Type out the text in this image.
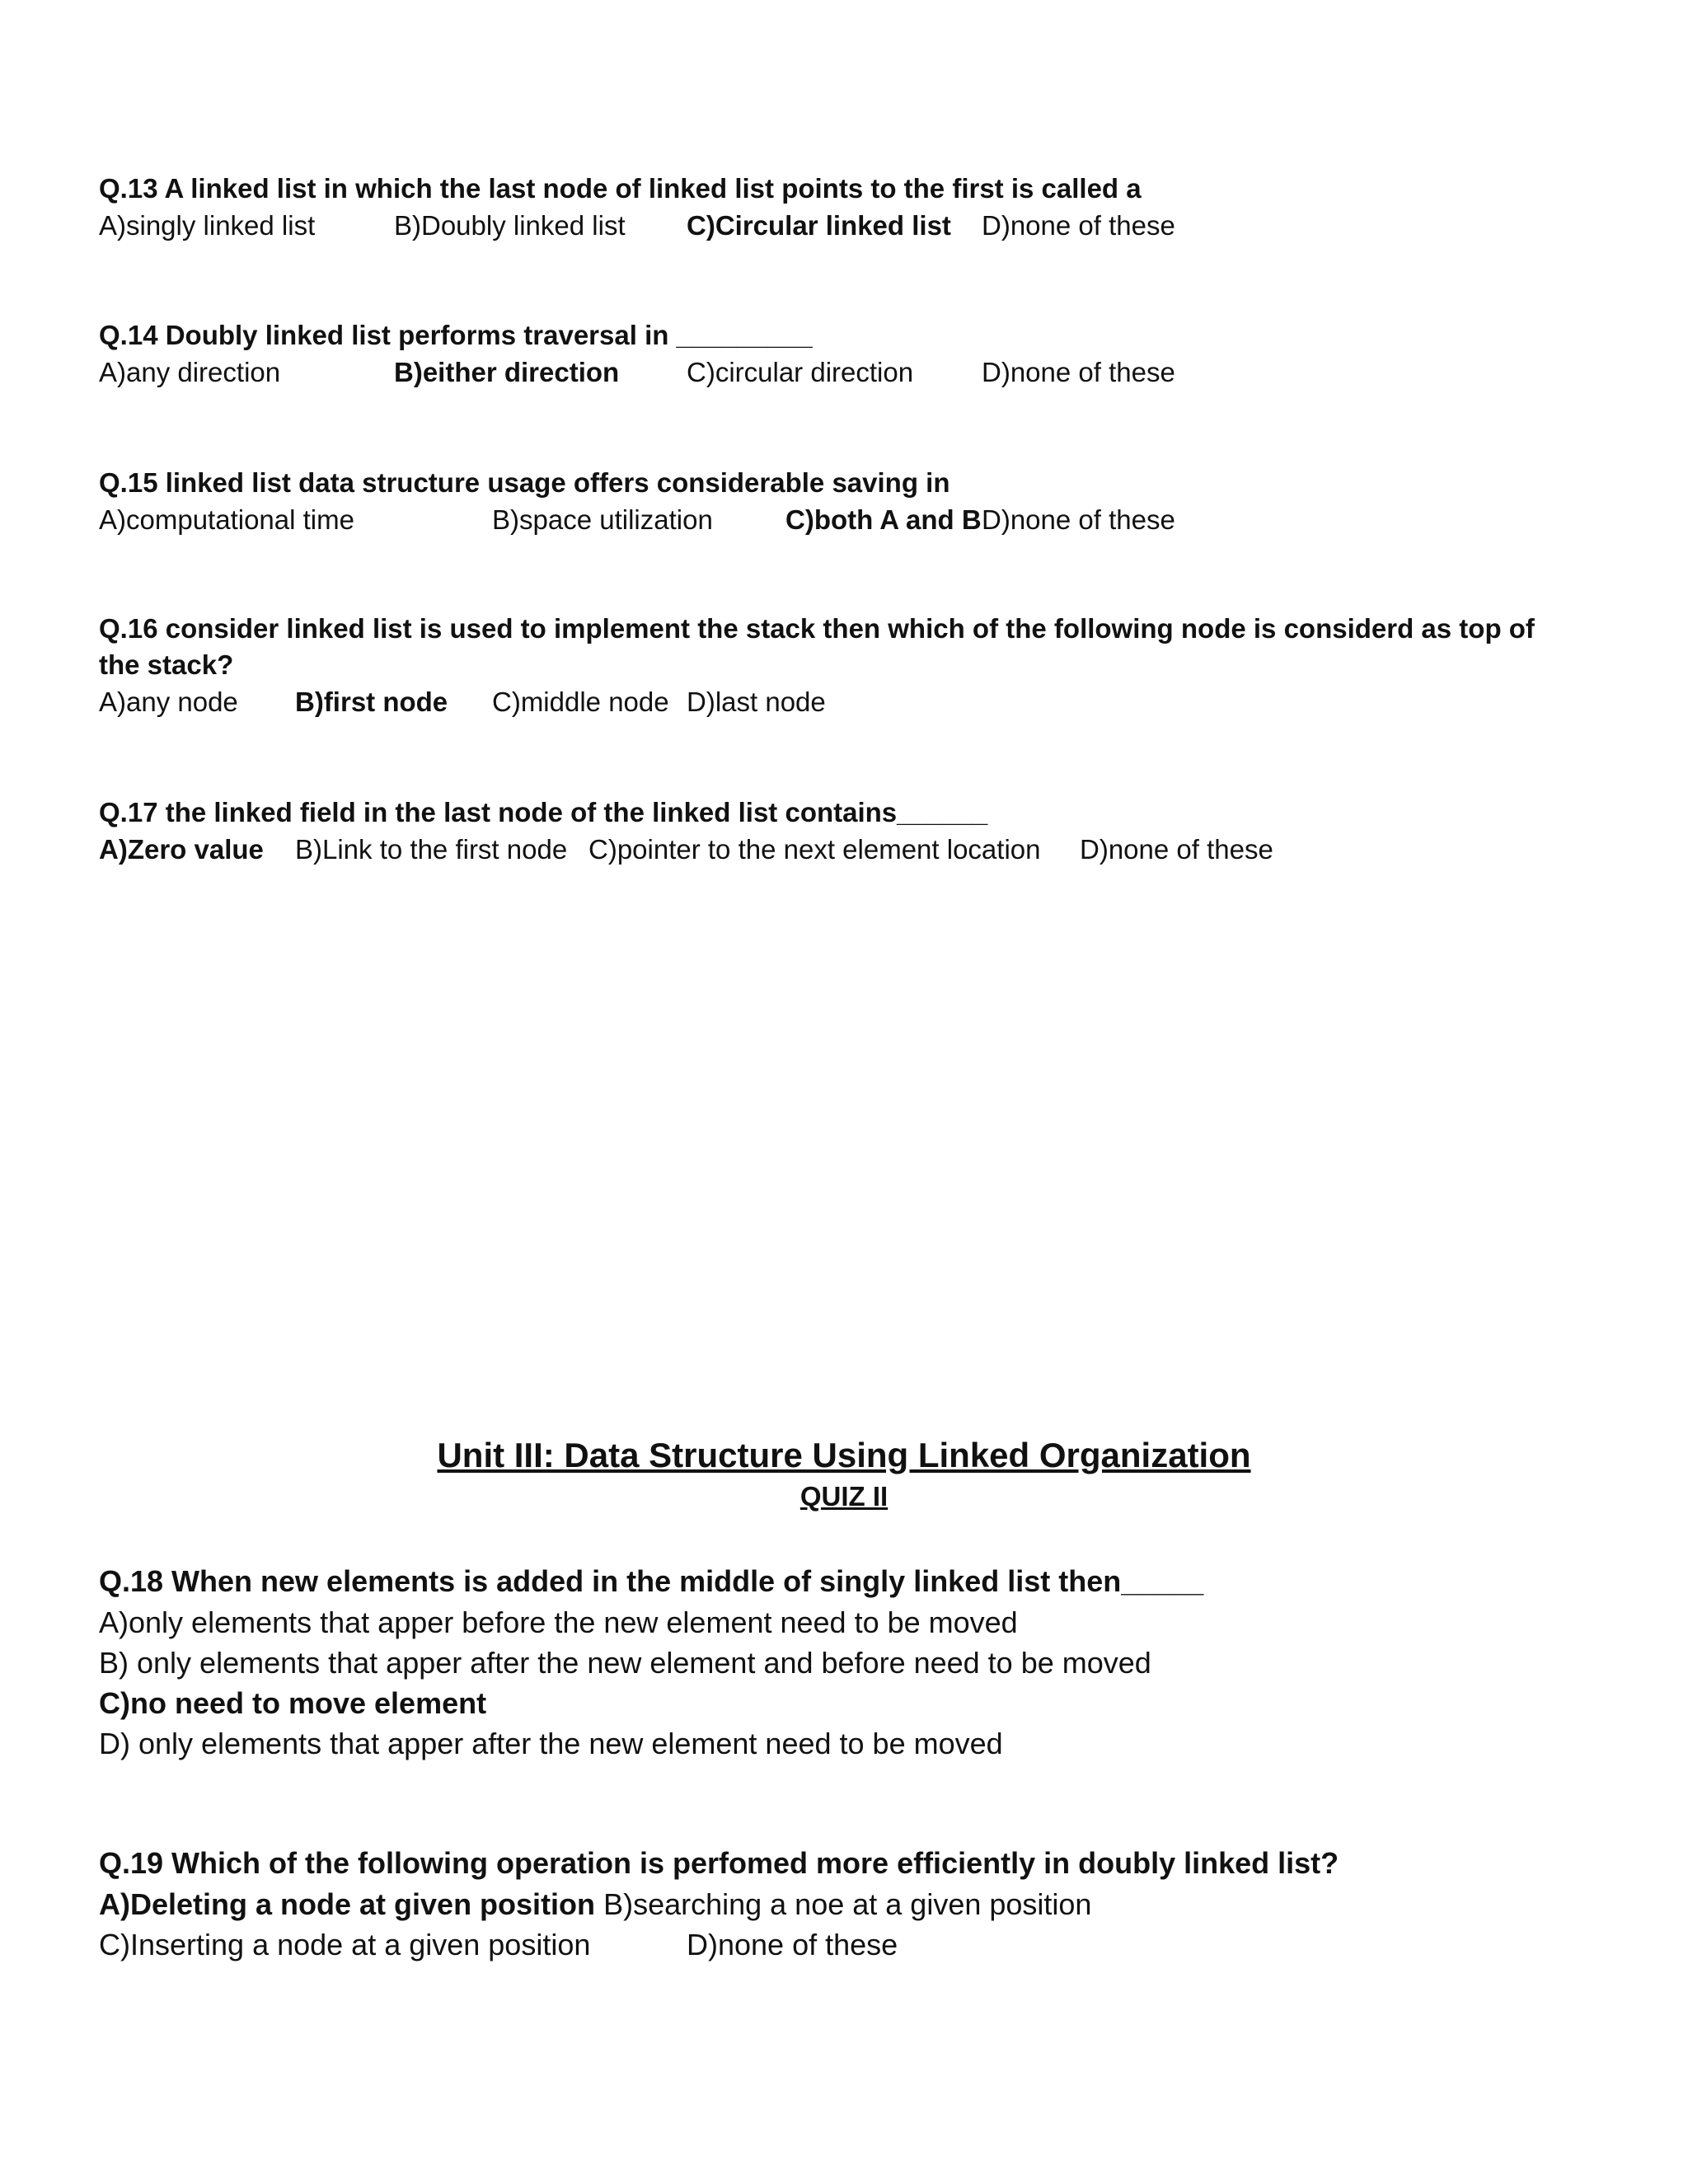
Q.13 A linked list in which the last node of linked list points to the first is called a
A)singly linked list	B)Doubly linked list C)Circular linked list D)none of these
Q.14 Doubly linked list performs traversal in _________
A)any direction	B)either direction C)circular direction	D)none of these
Q.15 linked list data structure usage offers considerable saving in
A)computational time	B)space utilization	C)both A and B D)none of these
Q.16 consider linked list is used to implement the stack then which of the following node is considerd as top of the stack?
A)any node B)first node C)middle node D)last node
Q.17 the linked field in the last node of the linked list contains______
A)Zero value B)Link to the first node C)pointer to the next element location D)none of these
Unit III: Data Structure Using Linked Organization
QUIZ II
Q.18 When new elements is added in the middle of singly linked list then_____
A)only elements that apper before the new element need to be moved
B) only elements that apper after the new element and before need to be moved
C)no need to move element
D) only elements that apper after the new element need to be moved
Q.19 Which of the following operation is perfomed more efficiently in doubly linked list?
A)Deleting a node at given position B)searching a noe at a given position
C)Inserting a node at a given position	D)none of these
